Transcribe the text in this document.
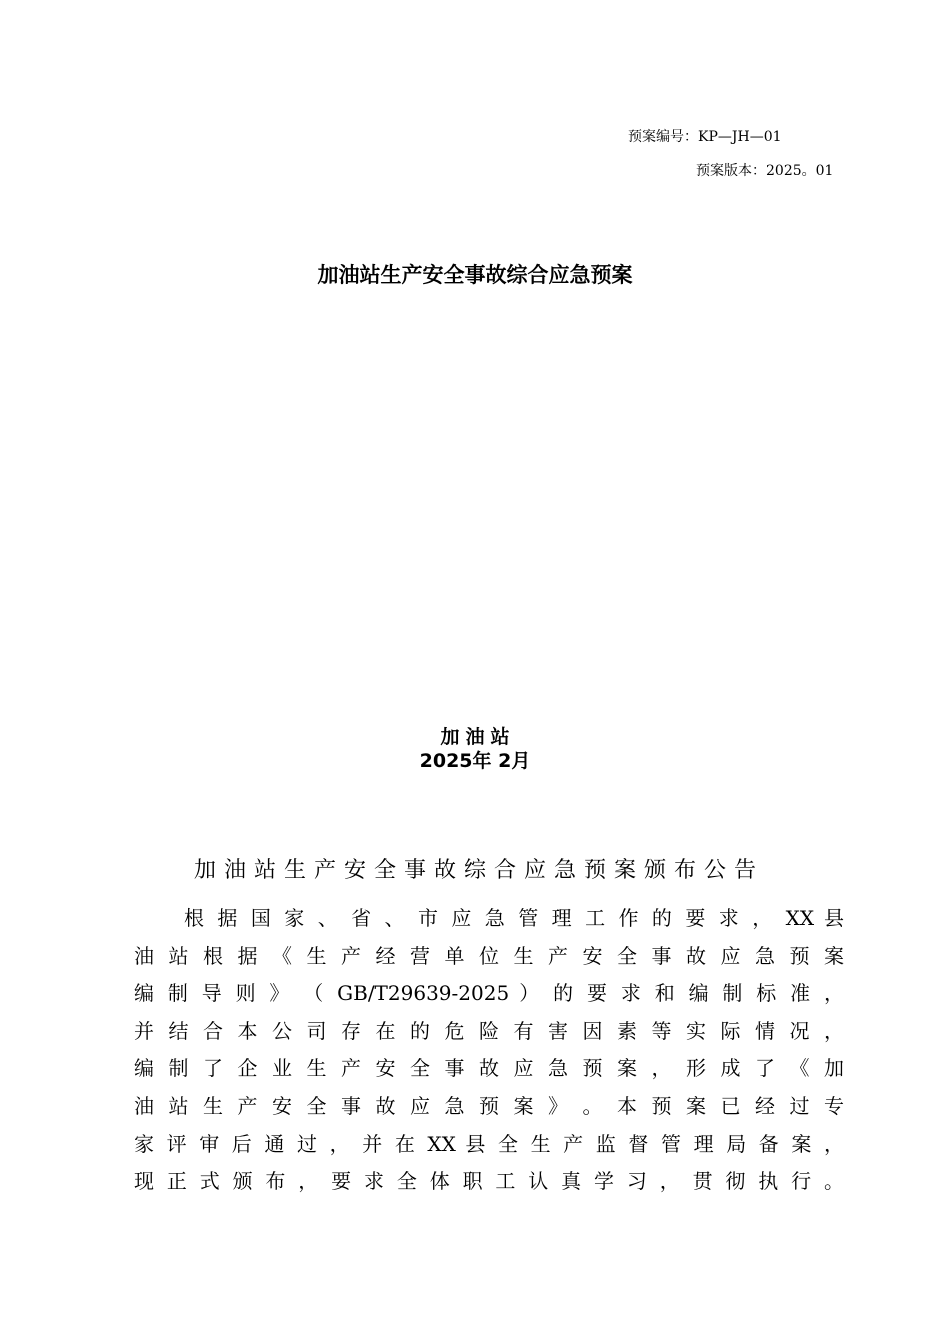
预案编号：KP—JH—01
预案版本：2025。01
加油站生产安全事故综合应急预案
加油站
2025年 2月
加油站生产安全事故综合应急预案颁布公告
根 据 国 家 、 省 、 市 应 急 管 理 工 作 的 要 求 ， XX 县
油 站 根 据 《 生 产 经 营 单 位 生 产 安 全 事 故 应 急 预 案
编 制 导 则 》 （ GB/T29639-2025 ） 的 要 求 和 编 制 标 准 ，
并 结 合 本 公 司 存 在 的 危 险 有 害 因 素 等 实 际 情 况 ，
编 制 了 企 业 生 产 安 全 事 故 应 急 预 案 ， 形 成 了 《 加
油 站 生 产 安 全 事 故 应 急 预 案 》 。 本 预 案 已 经 过 专
家 评 审 后 通 过 ， 并 在 XX 县 全 生 产 监 督 管 理 局 备 案 ，
现 正 式 颁 布 ， 要 求 全 体 职 工 认 真 学 习 ， 贯 彻 执 行 。
